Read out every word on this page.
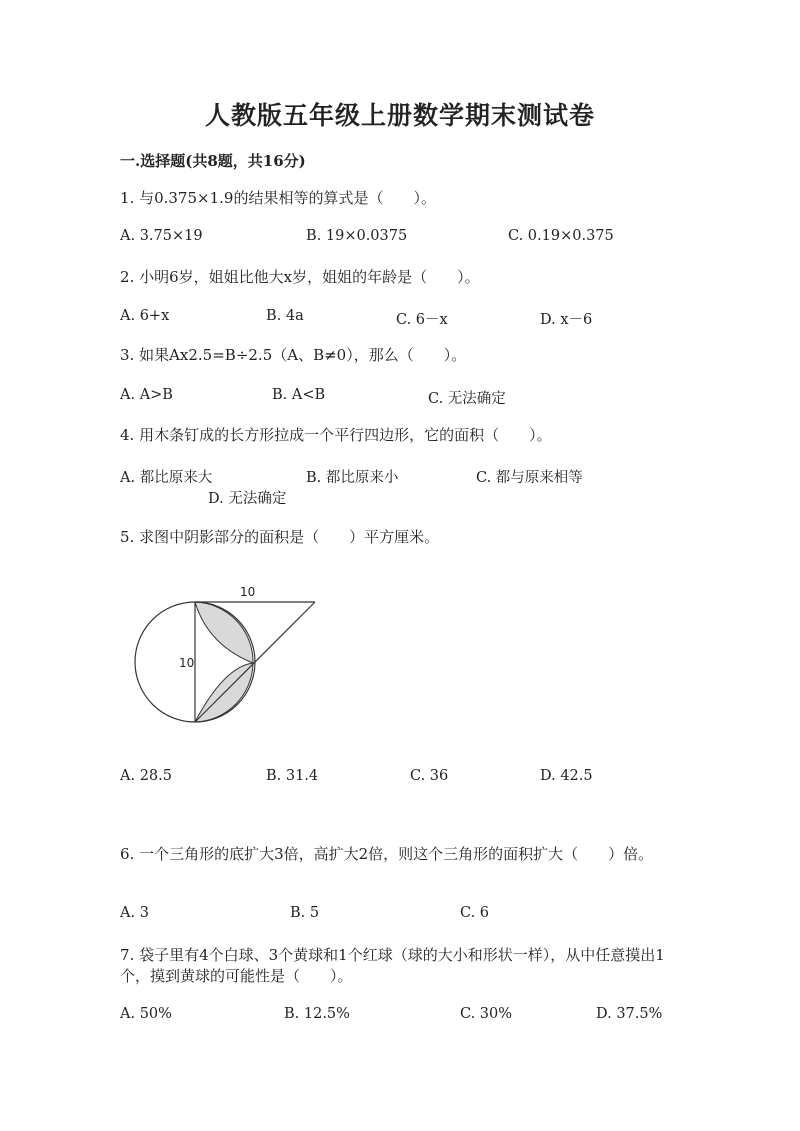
人教版五年级上册数学期末测试卷
一.选择题(共8题，共16分)
1. 与0.375×1.9的结果相等的算式是（　　）。
A. 3.75×19	B. 19×0.0375	C. 0.19×0.375
2. 小明6岁，姐姐比他大x岁，姐姐的年龄是（　　）。
A. 6+x	B. 4a	C. 6－x	D. x－6
3. 如果Ax2.5=B÷2.5（A、B≠0），那么（　　）。
A. A>B	B. A<B	C. 无法确定
4. 用木条钉成的长方形拉成一个平行四边形，它的面积（　　）。
A. 都比原来大	B. 都比原来小	C. 都与原来相等
D. 无法确定
5. 求图中阴影部分的面积是（　　）平方厘米。
10
10
A. 28.5	B. 31.4	C. 36	D. 42.5
6. 一个三角形的底扩大3倍，高扩大2倍，则这个三角形的面积扩大（　　）倍。
A. 3	B. 5	C. 6
7. 袋子里有4个白球、3个黄球和1个红球（球的大小和形状一样），从中任意摸出1个，摸到黄球的可能性是（　　）。
A. 50%	B. 12.5%	C. 30%	D. 37.5%
